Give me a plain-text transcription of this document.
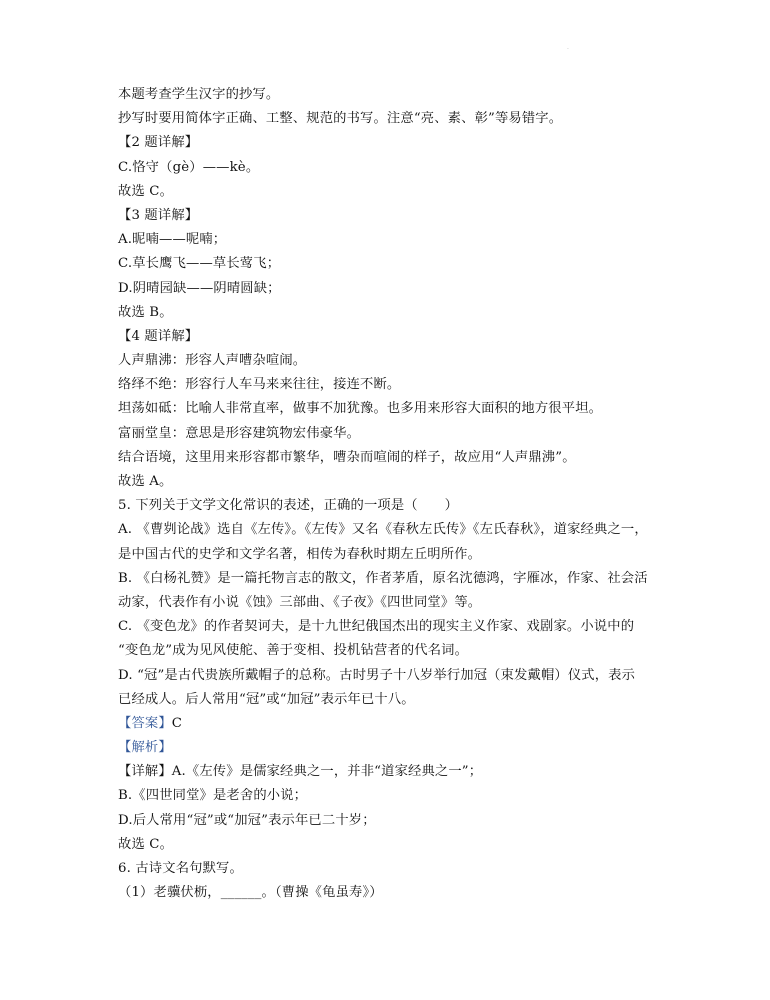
.
本题考查学生汉字的抄写。
抄写时要用简体字正确、工整、规范的书写。注意“亮、素、彰”等易错字。
【2 题详解】
C.恪守（gè）——kè。
故选 C。
【3 题详解】
A.昵喃——呢喃；
C.草长鹰飞——草长莺飞；
D.阴晴园缺——阴晴圆缺；
故选 B。
【4 题详解】
人声鼎沸：形容人声嘈杂喧闹。
络绎不绝：形容行人车马来来往往，接连不断。
坦荡如砥：比喻人非常直率，做事不加犹豫。也多用来形容大面积的地方很平坦。
富丽堂皇：意思是形容建筑物宏伟豪华。
结合语境，这里用来形容都市繁华，嘈杂而喧闹的样子，故应用“人声鼎沸”。
故选 A。
5. 下列关于文学文化常识的表述，正确的一项是（　　）
A. 《曹刿论战》选自《左传》。《左传》又名《春秋左氏传》《左氏春秋》，道家经典之一，
是中国古代的史学和文学名著，相传为春秋时期左丘明所作。
B. 《白杨礼赞》是一篇托物言志的散文，作者茅盾，原名沈德鸿，字雁冰，作家、社会活
动家，代表作有小说《蚀》三部曲、《子夜》《四世同堂》等。
C. 《变色龙》的作者契诃夫，是十九世纪俄国杰出的现实主义作家、戏剧家。小说中的
“变色龙”成为见风使舵、善于变相、投机钻营者的代名词。
D. “冠”是古代贵族所戴帽子的总称。古时男子十八岁举行加冠（束发戴帽）仪式，表示
已经成人。后人常用“冠”或“加冠”表示年已十八。
【答案】C
【解析】
【详解】A.《左传》是儒家经典之一，并非“道家经典之一”；
B.《四世同堂》是老舍的小说；
D.后人常用“冠”或“加冠”表示年已二十岁；
故选 C。
6. 古诗文名句默写。
（1）老骥伏枥，______。（曹操《龟虽寿》）
